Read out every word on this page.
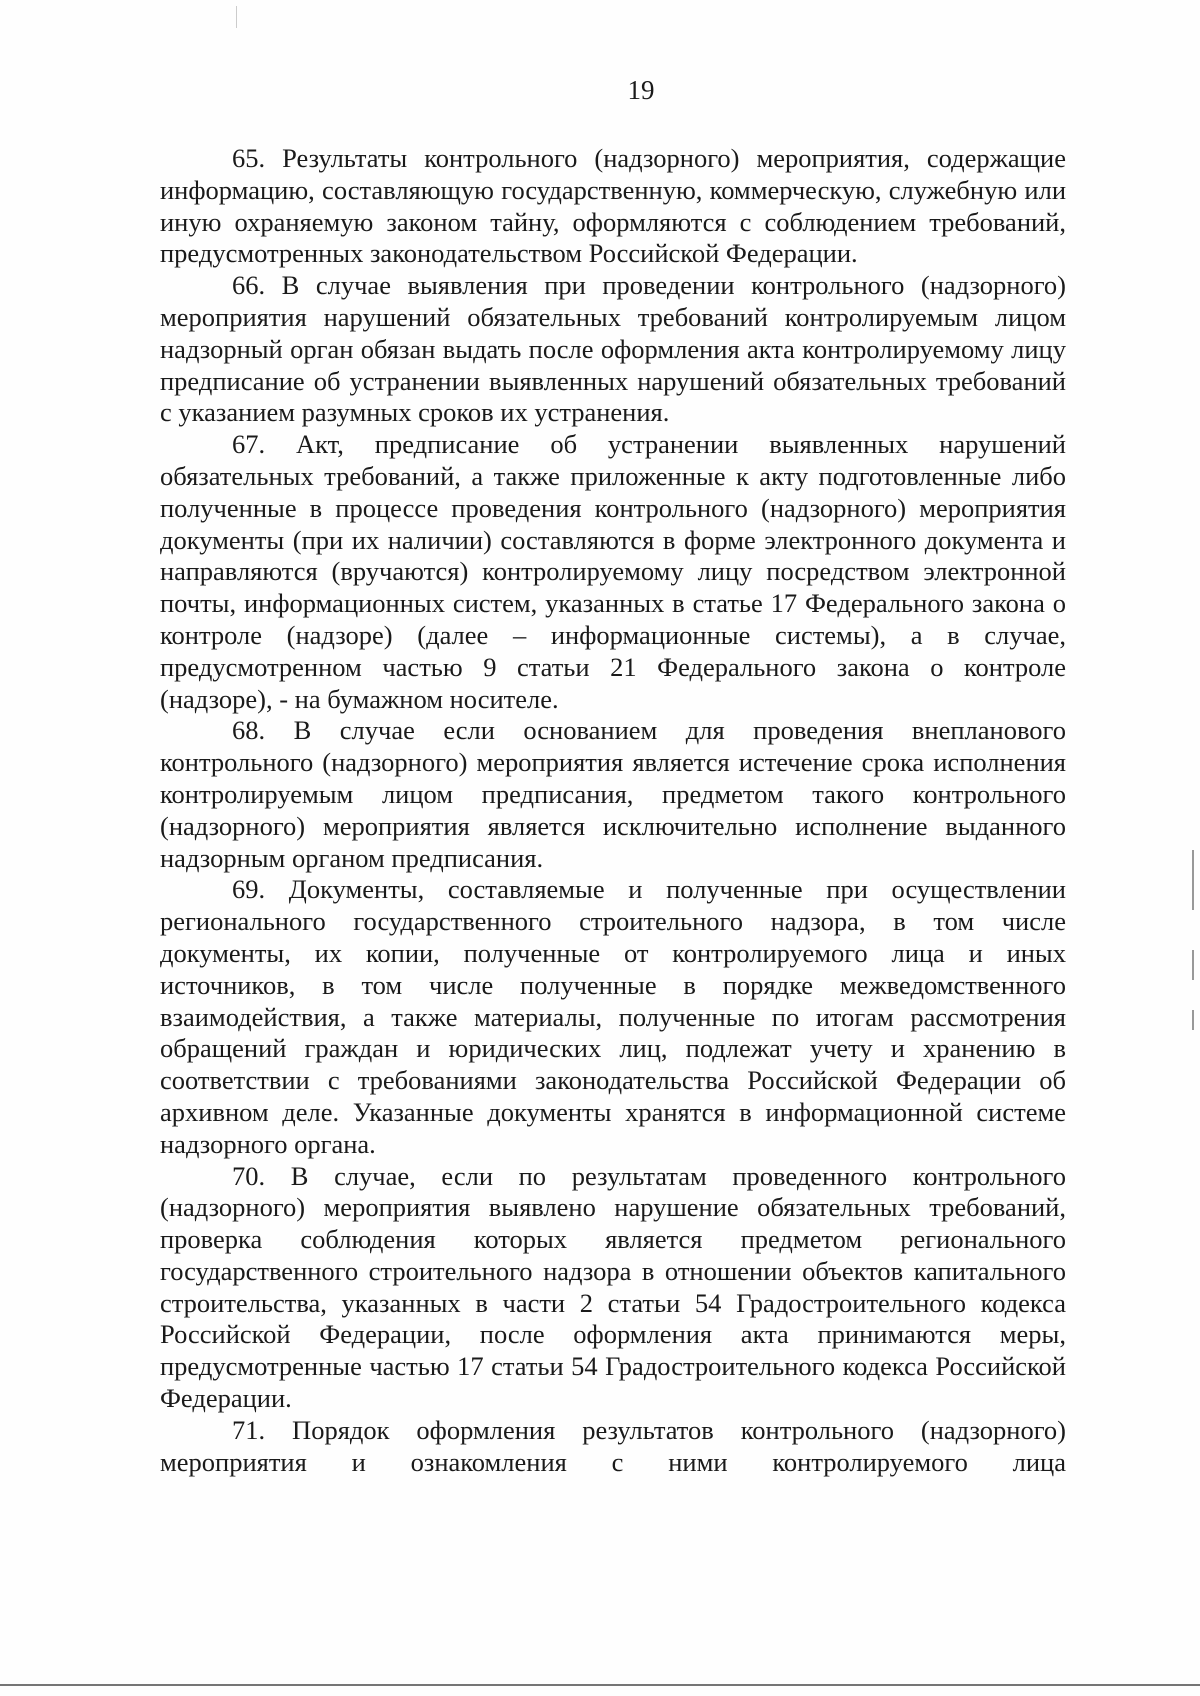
19

65. Результаты контрольного (надзорного) мероприятия, содержащие информацию, составляющую государственную, коммерческую, служебную или иную охраняемую законом тайну, оформляются с соблюдением требований, предусмотренных законодательством Российской Федерации.

66. В случае выявления при проведении контрольного (надзорного) мероприятия нарушений обязательных требований контролируемым лицом надзорный орган обязан выдать после оформления акта контролируемому лицу предписание об устранении выявленных нарушений обязательных требований с указанием разумных сроков их устранения.

67. Акт, предписание об устранении выявленных нарушений обязательных требований, а также приложенные к акту подготовленные либо полученные в процессе проведения контрольного (надзорного) мероприятия документы (при их наличии) составляются в форме электронного документа и направляются (вручаются) контролируемому лицу посредством электронной почты, информационных систем, указанных в статье 17 Федерального закона о контроле (надзоре) (далее – информационные системы), а в случае, предусмотренном частью 9 статьи 21 Федерального закона о контроле (надзоре), - на бумажном носителе.

68. В случае если основанием для проведения внепланового контрольного (надзорного) мероприятия является истечение срока исполнения контролируемым лицом предписания, предметом такого контрольного (надзорного) мероприятия является исключительно исполнение выданного надзорным органом предписания.

69. Документы, составляемые и полученные при осуществлении регионального государственного строительного надзора, в том числе документы, их копии, полученные от контролируемого лица и иных источников, в том числе полученные в порядке межведомственного взаимодействия, а также материалы, полученные по итогам рассмотрения обращений граждан и юридических лиц, подлежат учету и хранению в соответствии с требованиями законодательства Российской Федерации об архивном деле. Указанные документы хранятся в информационной системе надзорного органа.

70. В случае, если по результатам проведенного контрольного (надзорного) мероприятия выявлено нарушение обязательных требований, проверка соблюдения которых является предметом регионального государственного строительного надзора в отношении объектов капитального строительства, указанных в части 2 статьи 54 Градостроительного кодекса Российской Федерации, после оформления акта принимаются меры, предусмотренные частью 17 статьи 54 Градостроительного кодекса Российской Федерации.

71. Порядок оформления результатов контрольного (надзорного) мероприятия и ознакомления с ними контролируемого лица
